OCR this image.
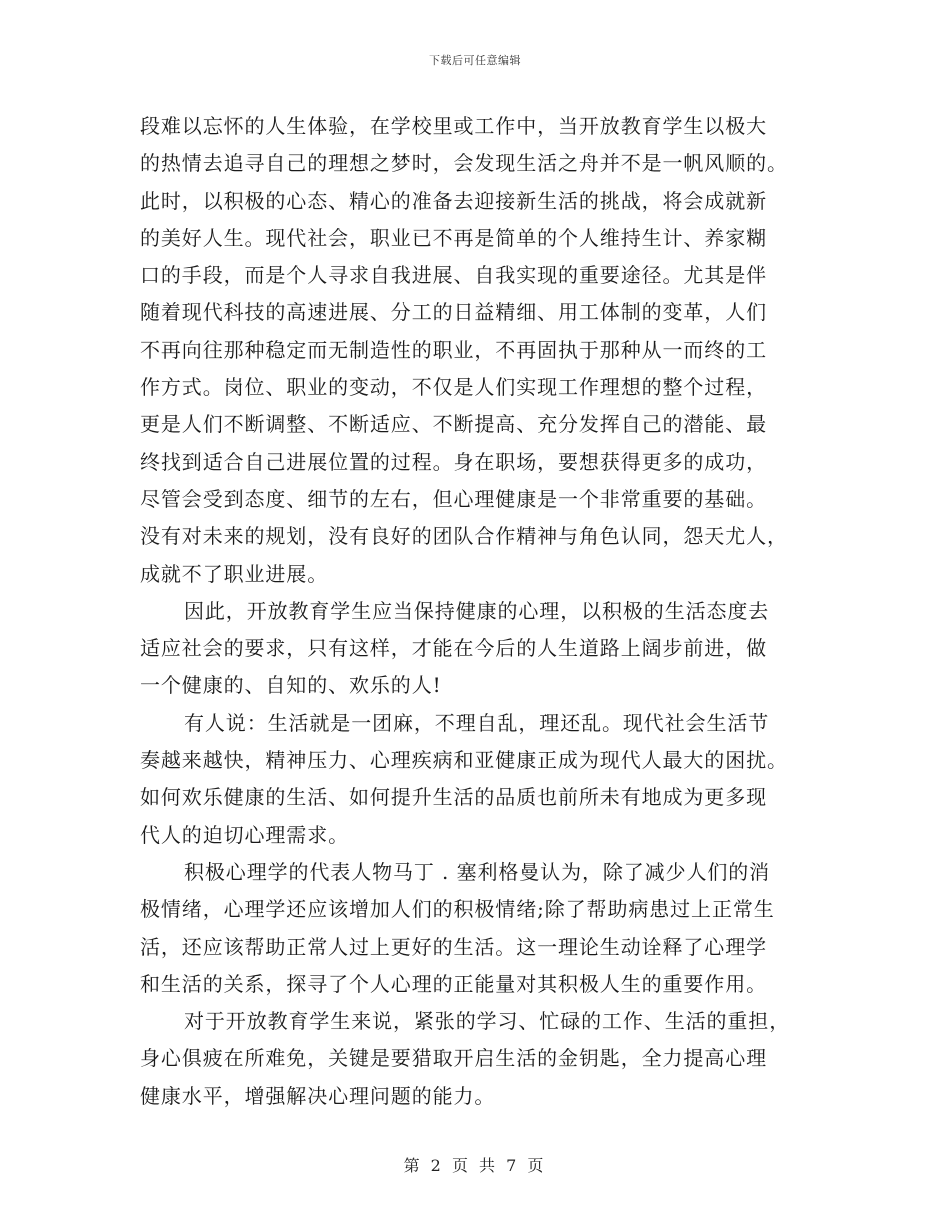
下载后可任意编辑
段难以忘怀的人生体验，在学校里或工作中，当开放教育学生以极大
的热情去追寻自己的理想之梦时，会发现生活之舟并不是一帆风顺的。
此时，以积极的心态、精心的准备去迎接新生活的挑战，将会成就新
的美好人生。现代社会，职业已不再是简单的个人维持生计、养家糊
口的手段，而是个人寻求自我进展、自我实现的重要途径。尤其是伴
随着现代科技的高速进展、分工的日益精细、用工体制的变革，人们
不再向往那种稳定而无制造性的职业，不再固执于那种从一而终的工
作方式。岗位、职业的变动，不仅是人们实现工作理想的整个过程，
更是人们不断调整、不断适应、不断提高、充分发挥自己的潜能、最
终找到适合自己进展位置的过程。身在职场，要想获得更多的成功，
尽管会受到态度、细节的左右，但心理健康是一个非常重要的基础。
没有对未来的规划，没有良好的团队合作精神与角色认同，怨天尤人，
成就不了职业进展。
因此，开放教育学生应当保持健康的心理，以积极的生活态度去
适应社会的要求，只有这样，才能在今后的人生道路上阔步前进，做
一个健康的、自知的、欢乐的人!
有人说：生活就是一团麻，不理自乱，理还乱。现代社会生活节
奏越来越快，精神压力、心理疾病和亚健康正成为现代人最大的困扰。
如何欢乐健康的生活、如何提升生活的品质也前所未有地成为更多现
代人的迫切心理需求。
积极心理学的代表人物马丁 . 塞利格曼认为，除了减少人们的消
极情绪，心理学还应该增加人们的积极情绪;除了帮助病患过上正常生
活，还应该帮助正常人过上更好的生活。这一理论生动诠释了心理学
和生活的关系，探寻了个人心理的正能量对其积极人生的重要作用。
对于开放教育学生来说，紧张的学习、忙碌的工作、生活的重担，
身心俱疲在所难免，关键是要猎取开启生活的金钥匙，全力提高心理
健康水平，增强解决心理问题的能力。
第 2 页 共 7 页
